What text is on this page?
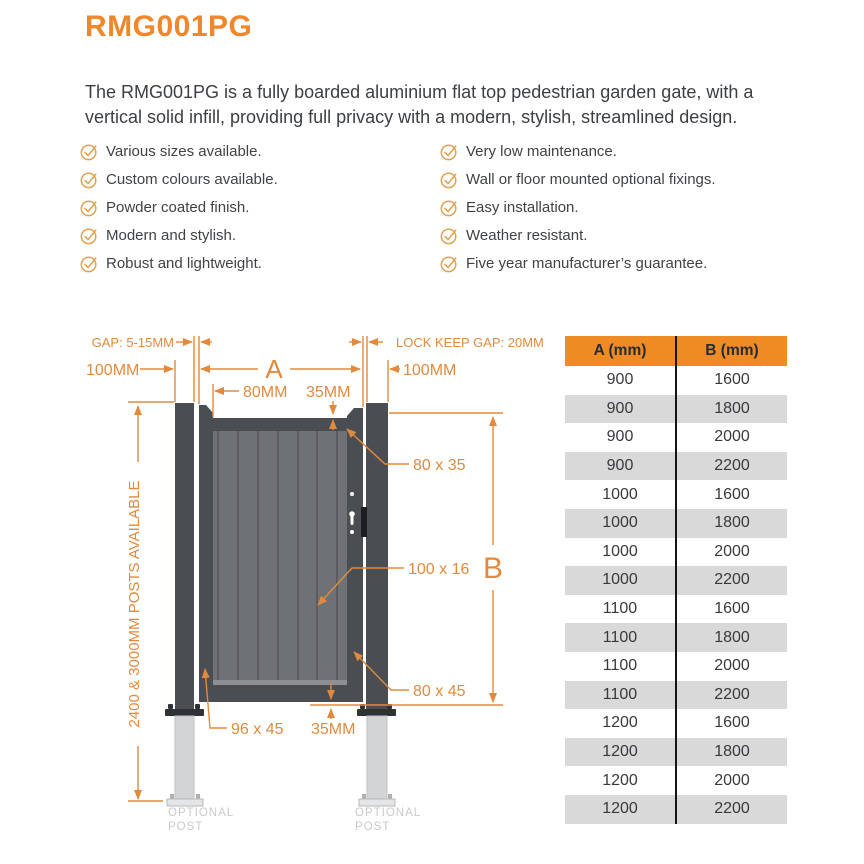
RMG001PG
The RMG001PG is a fully boarded aluminium flat top pedestrian garden gate, with a vertical solid infill, providing full privacy with a modern, stylish, streamlined design.
Various sizes available.
Custom colours available.
Powder coated finish.
Modern and stylish.
Robust and lightweight.
Very low maintenance.
Wall or floor mounted optional fixings.
Easy installation.
Weather resistant.
Five year manufacturer’s guarantee.
GAP: 5-15MM	LOCK KEEP GAP: 20MM
100MM	100MM
A
80MM 35MM
80 x 35
100 x 16 B
80 x 45
96 x 45 35MM
2400 & 3000MM POSTS AVAILABLE
OPTIONAL
POST
OPTIONAL
POST
A (mm)	B (mm)
900	1600
900	1800
900	2000
900	2200
1000	1600
1000	1800
1000	2000
1000	2200
1100	1600
1100	1800
1100	2000
1100	2200
1200	1600
1200	1800
1200	2000
1200	2200
